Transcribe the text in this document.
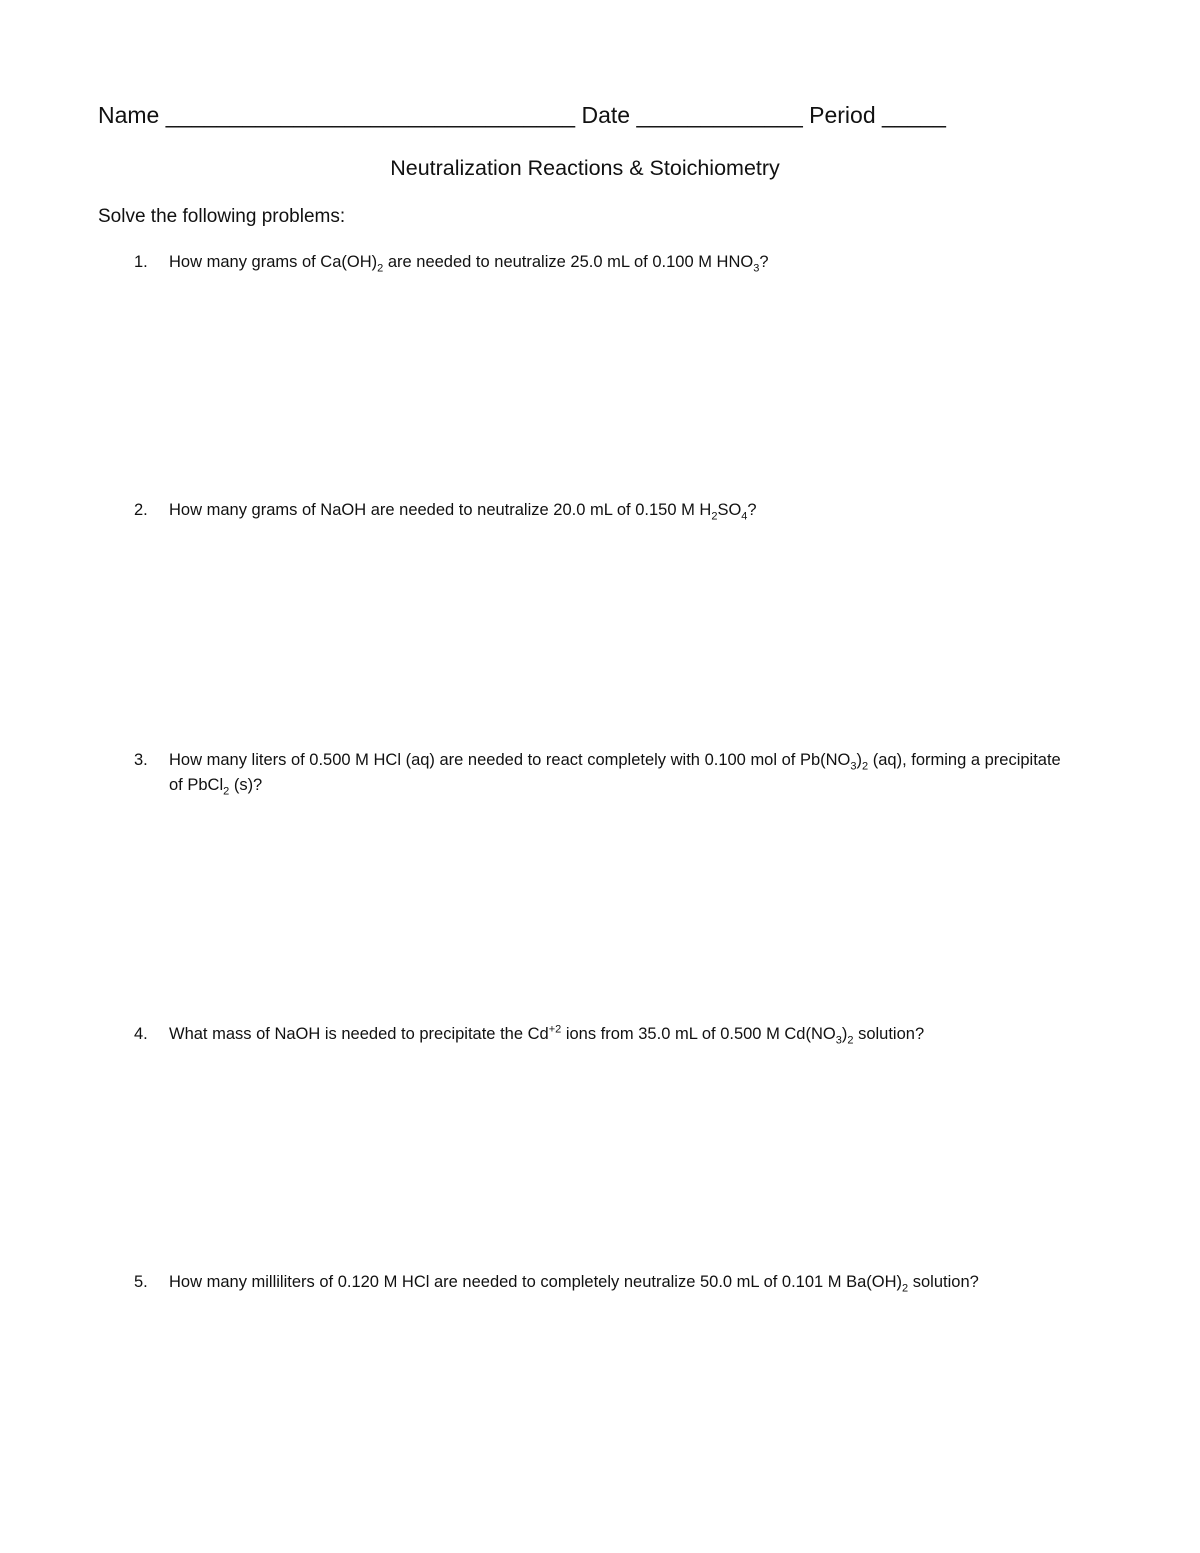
Name ________________________________ Date _____________ Period _____
Neutralization Reactions & Stoichiometry
Solve the following problems:
1.	How many grams of $Ca(OH)_2$ are needed to neutralize 25.0 mL of 0.100 M $HNO_3$?
2.	How many grams of NaOH are needed to neutralize 20.0 mL of 0.150 M $H_2SO_4$?
3.	How many liters of 0.500 M HCl (aq) are needed to react completely with 0.100 mol of $Pb(NO_3)_2$ (aq), forming a precipitate of PbCl$_2$ (s)?
4.	What mass of NaOH is needed to precipitate the $Cd^{+2}$ ions from 35.0 mL of 0.500 M $Cd(NO_3)_2$ solution?
5.	How many milliliters of 0.120 M HCl are needed to completely neutralize 50.0 mL of 0.101 M $Ba(OH)_2$ solution?
